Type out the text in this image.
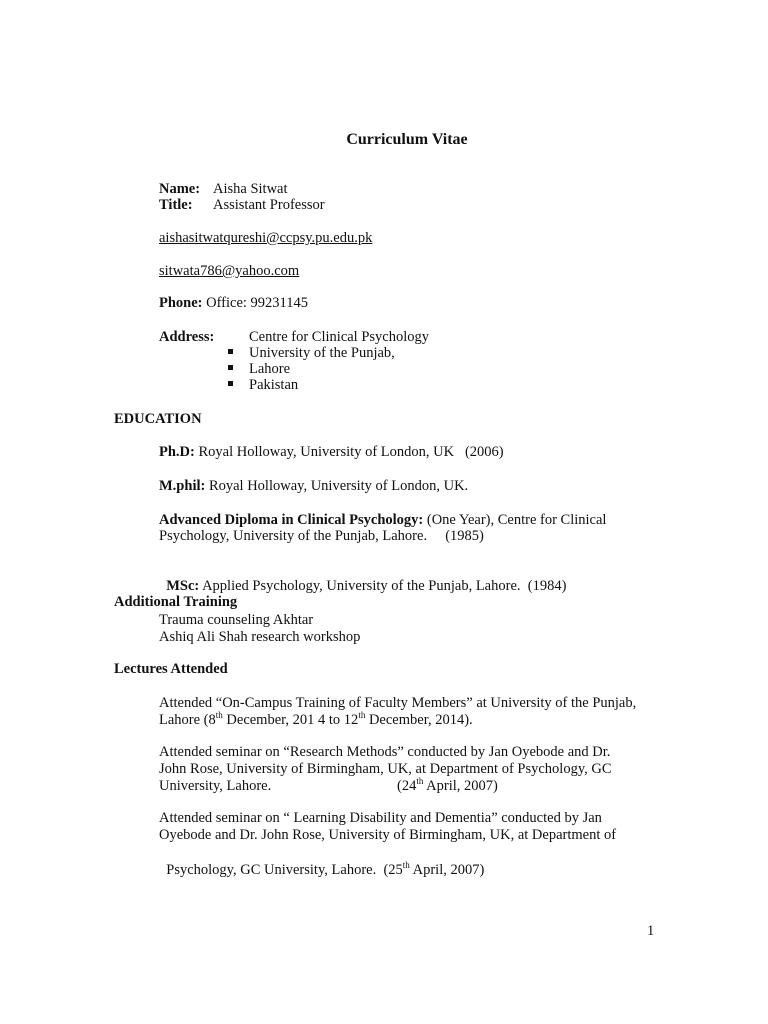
Curriculum Vitae
Name: Aisha Sitwat
Title: Assistant Professor
aishasitwatqureshi@ccpsy.pu.edu.pk
sitwata786@yahoo.com
Phone: Office: 99231145
Address: Centre for Clinical Psychology
University of the Punjab,
Lahore
Pakistan
EDUCATION
Ph.D: Royal Holloway, University of London, UK   (2006)
M.phil: Royal Holloway, University of London, UK.
Advanced Diploma in Clinical Psychology: (One Year), Centre for Clinical
Psychology, University of the Punjab, Lahore.     (1985)

MSc: Applied Psychology, University of the Punjab, Lahore.  (1984)

Additional Training
Trauma counseling Akhtar
Ashiq Ali Shah research workshop
Lectures Attended
Attended “On-Campus Training of Faculty Members” at University of the Punjab,
Lahore (8th December, 201 4 to 12th December, 2014).
Attended seminar on “Research Methods” conducted by Jan Oyebode and Dr.
John Rose, University of Birmingham, UK, at Department of Psychology, GC
University, Lahore.	(24th April, 2007)
Attended seminar on “ Learning Disability and Dementia” conducted by Jan
Oyebode and Dr. John Rose, University of Birmingham, UK, at Department of

Psychology, GC University, Lahore.  (25th April, 2007)

1
